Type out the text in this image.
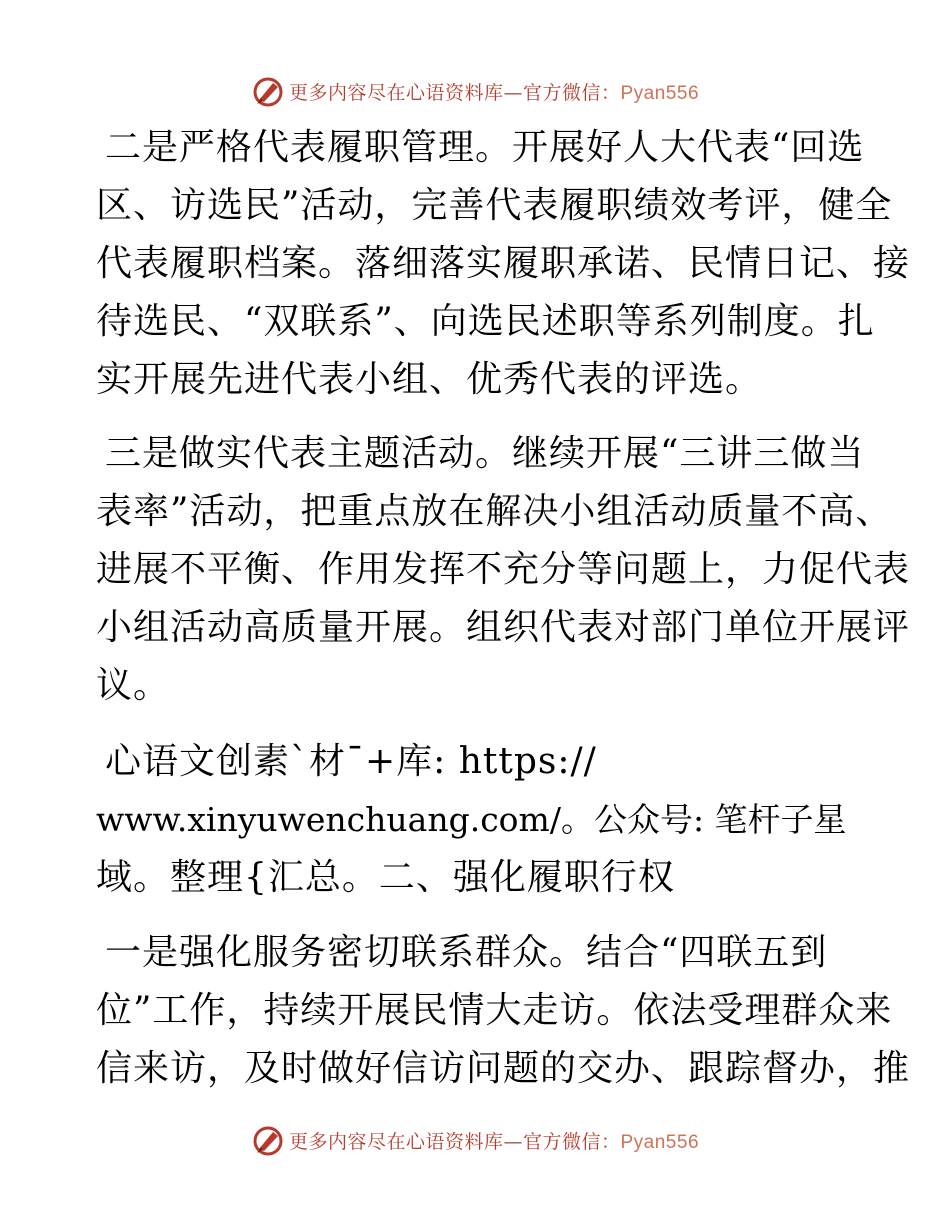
更多内容尽在心语资料库—官方微信：Pyan556
二是严格代表履职管理。开展好人大代表“回选
区、访选民”活动，完善代表履职绩效考评，健全
代表履职档案。落细落实履职承诺、民情日记、接
待选民、“双联系”、向选民述职等系列制度。扎
实开展先进代表小组、优秀代表的评选。
三是做实代表主题活动。继续开展“三讲三做当
表率”活动，把重点放在解决小组活动质量不高、
进展不平衡、作用发挥不充分等问题上，力促代表
小组活动高质量开展。组织代表对部门单位开展评
议。
心语文创素`材¯+库: https://
www.xinyuwenchuang.com/。公众号: 笔杆子星
域。整理{汇总。二、强化履职行权
一是强化服务密切联系群众。结合“四联五到
位”工作，持续开展民情大走访。依法受理群众来
信来访，及时做好信访问题的交办、跟踪督办，推
更多内容尽在心语资料库—官方微信：Pyan556
